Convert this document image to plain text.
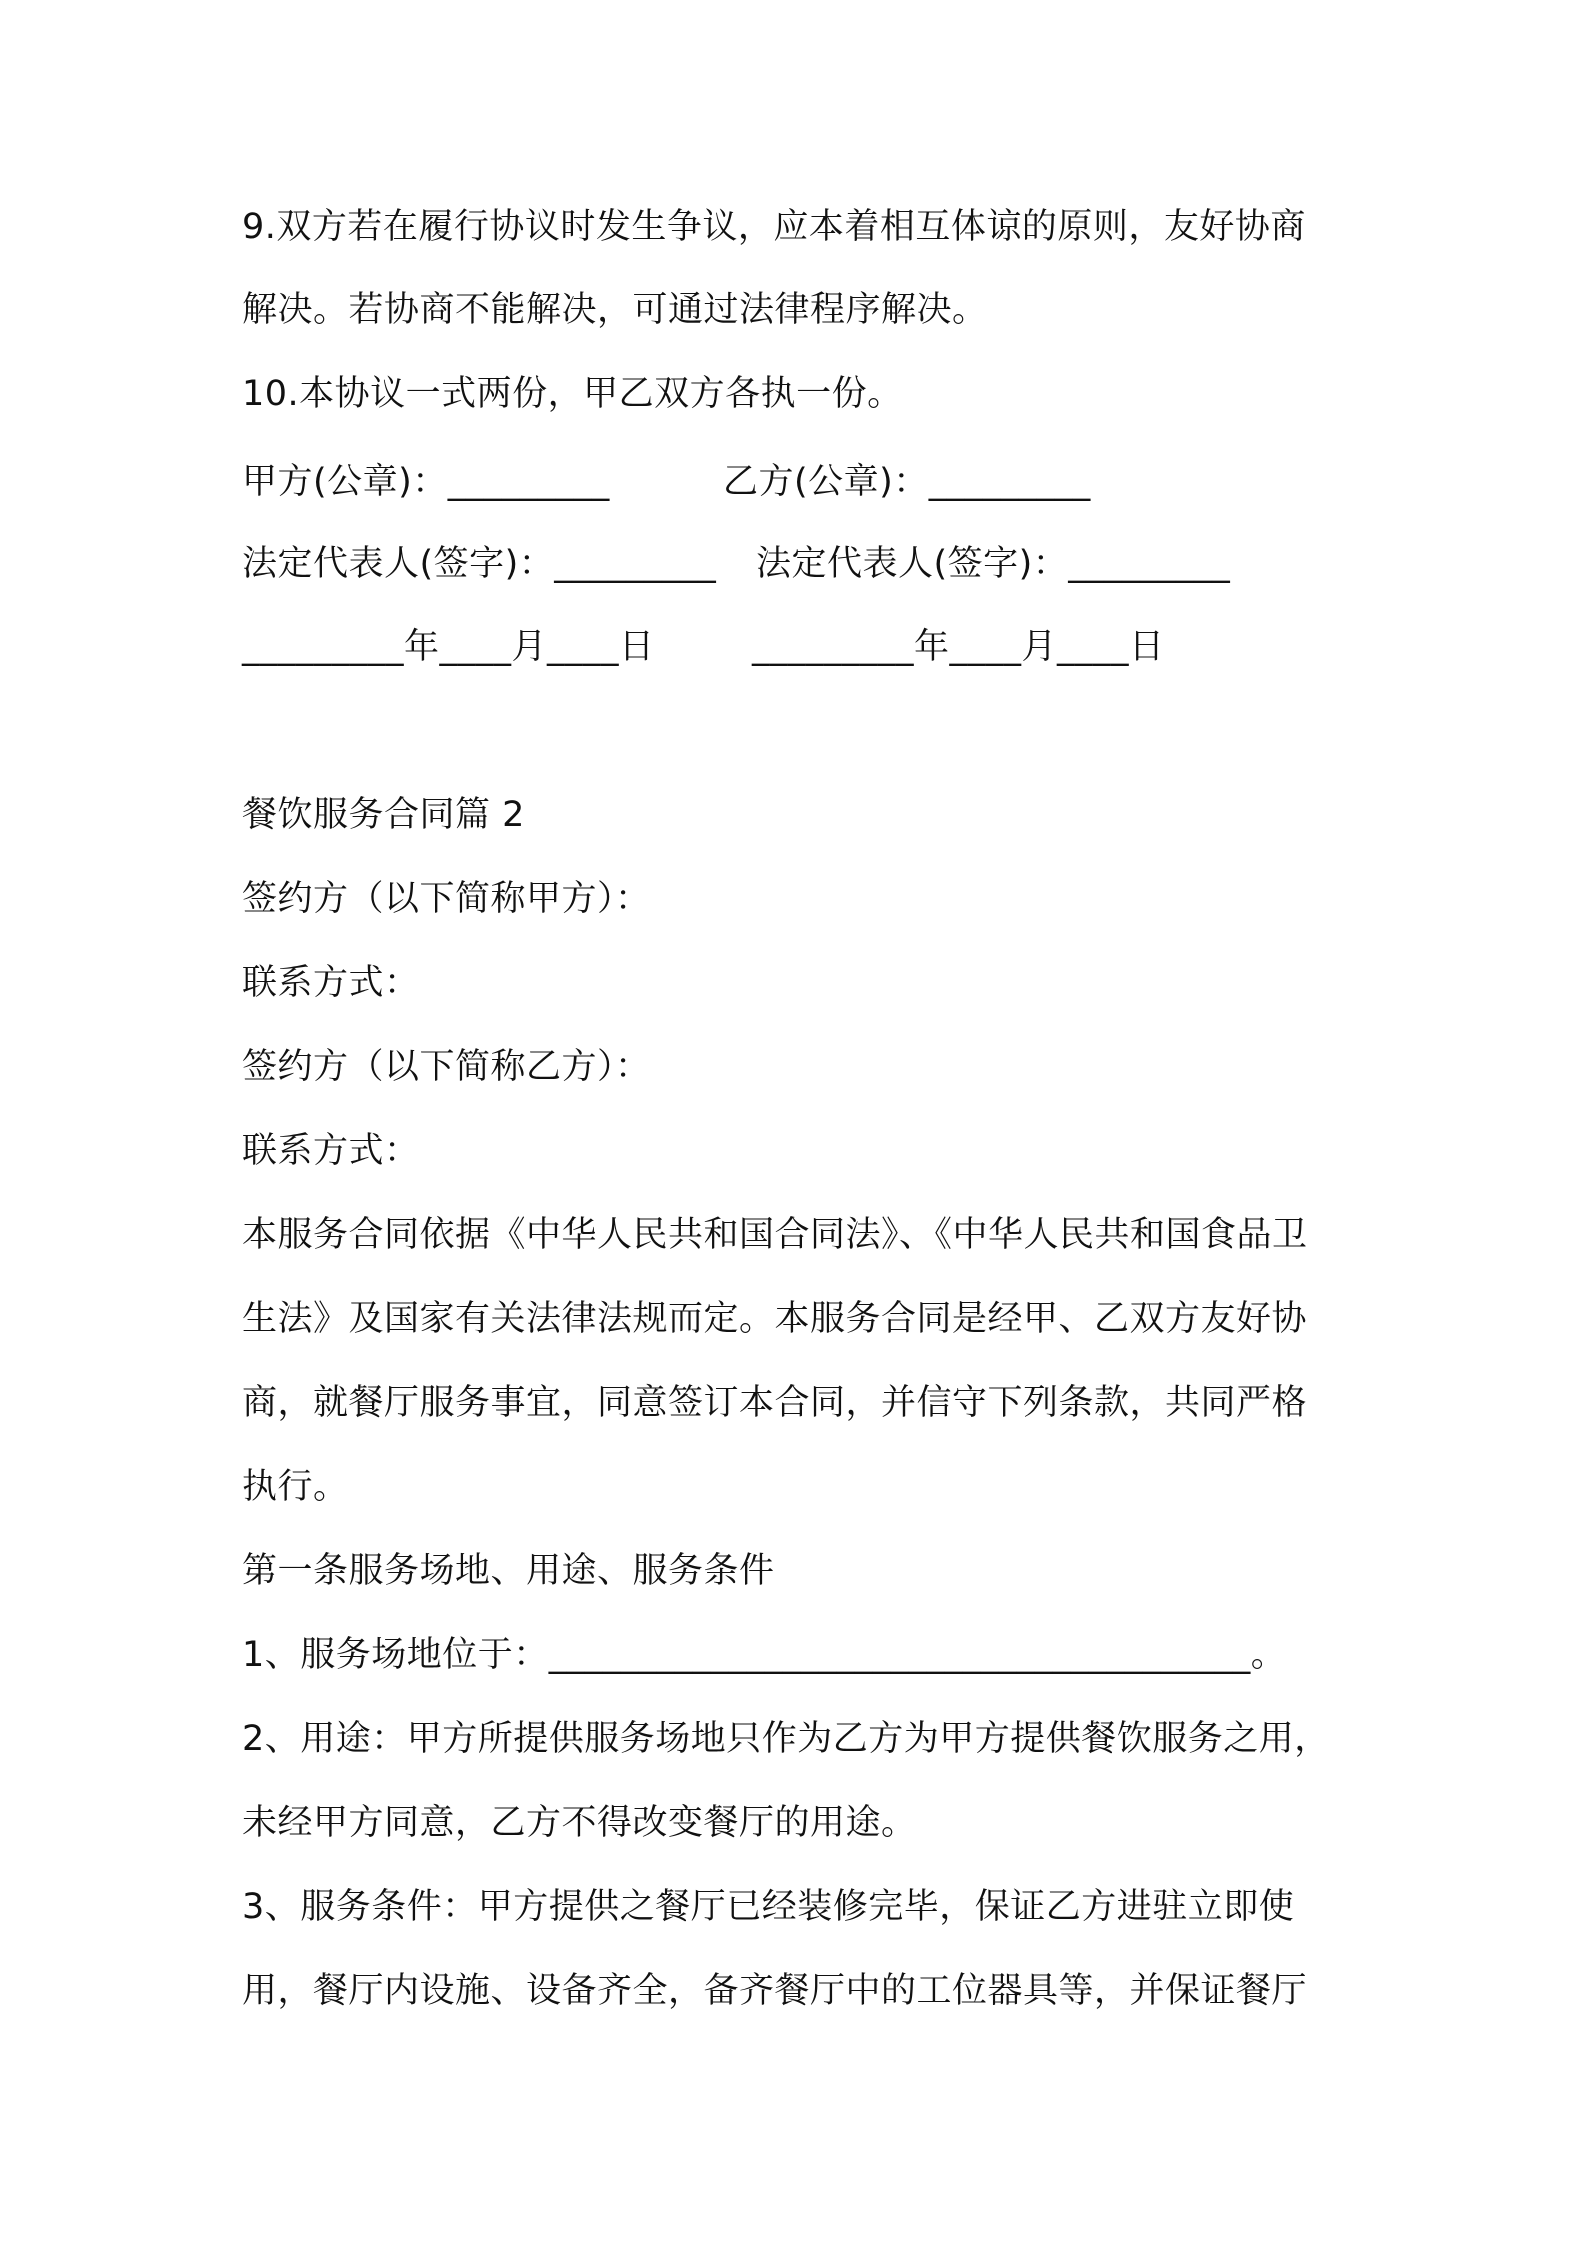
9.双方若在履行协议时发生争议，应本着相互体谅的原则，友好协商
解决。若协商不能解决，可通过法律程序解决。
10.本协议一式两份，甲乙双方各执一份。
甲方(公章)：_________	乙方(公章)：_________
法定代表人(签字)：_________ 法定代表人(签字)：_________
_________年____月____日	_________年____月____日
餐饮服务合同篇 2
签约方（以下简称甲方）：
联系方式：
签约方（以下简称乙方）：
联系方式：
本服务合同依据《中华人民共和国合同法》、《中华人民共和国食品卫
生法》及国家有关法律法规而定。本服务合同是经甲、乙双方友好协
商，就餐厅服务事宜，同意签订本合同，并信守下列条款，共同严格
执行。
第一条服务场地、用途、服务条件
1、服务场地位于：_______________________________________。
2、用途：甲方所提供服务场地只作为乙方为甲方提供餐饮服务之用，
未经甲方同意，乙方不得改变餐厅的用途。
3、服务条件：甲方提供之餐厅已经装修完毕，保证乙方进驻立即使
用，餐厅内设施、设备齐全，备齐餐厅中的工位器具等，并保证餐厅
